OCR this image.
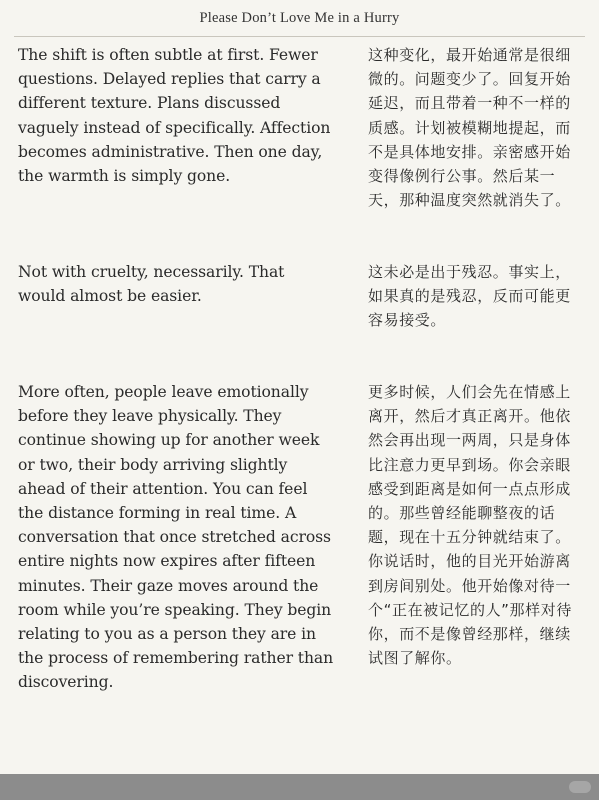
Please Don’t Love Me in a Hurry

The shift is often subtle at first. Fewer questions. Delayed replies that carry a different texture. Plans discussed vaguely instead of specifically. Affection becomes administrative. Then one day, the warmth is simply gone.

这种变化，最开始通常是很细微的。问题变少了。回复开始延迟，而且带着一种不一样的质感。计划被模糊地提起，而不是具体地安排。亲密感开始变得像例行公事。然后某一天，那种温度突然就消失了。

Not with cruelty, necessarily. That would almost be easier.

这未必是出于残忍。事实上，如果真的是残忍，反而可能更容易接受。

More often, people leave emotionally before they leave physically. They continue showing up for another week or two, their body arriving slightly ahead of their attention. You can feel the distance forming in real time. A conversation that once stretched across entire nights now expires after fifteen minutes. Their gaze moves around the room while you’re speaking. They begin relating to you as a person they are in the process of remembering rather than discovering.

更多时候，人们会先在情感上离开，然后才真正离开。他依然会再出现一两周，只是身体比注意力更早到场。你会亲眼感受到距离是如何一点点形成的。那些曾经能聊整夜的话题，现在十五分钟就结束了。你说话时，他的目光开始游离到房间别处。他开始像对待一个“正在被记忆的人”那样对待你，而不是像曾经那样，继续试图了解你。
